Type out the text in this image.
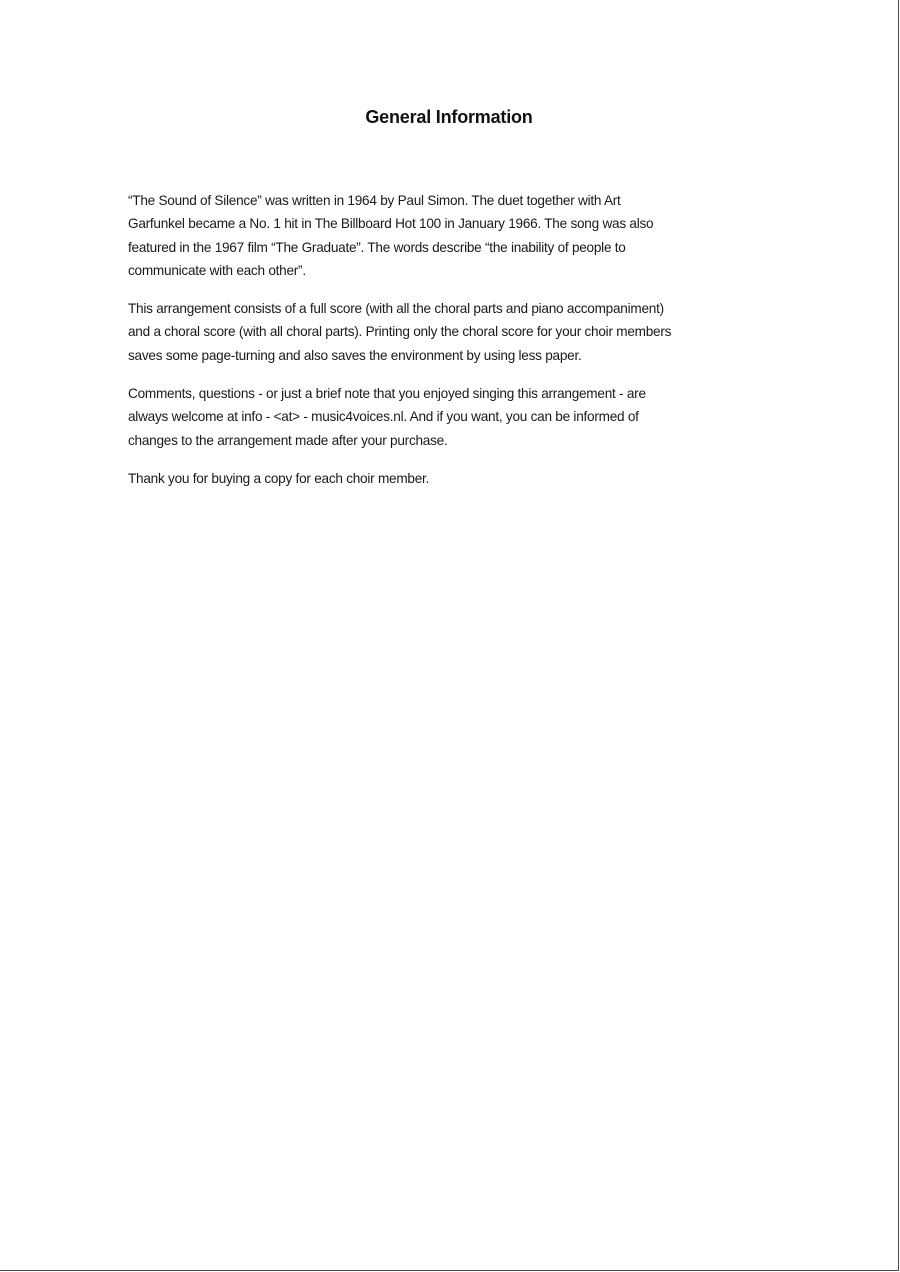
General Information

“The Sound of Silence” was written in 1964 by Paul Simon. The duet together with Art
Garfunkel became a No. 1 hit in The Billboard Hot 100 in January 1966. The song was also
featured in the 1967 film “The Graduate”. The words describe “the inability of people to
communicate with each other”.

This arrangement consists of a full score (with all the choral parts and piano accompaniment)
and a choral score (with all choral parts). Printing only the choral score for your choir members
saves some page-turning and also saves the environment by using less paper.

Comments, questions - or just a brief note that you enjoyed singing this arrangement - are
always welcome at info - <at> - music4voices.nl. And if you want, you can be informed of
changes to the arrangement made after your purchase.

Thank you for buying a copy for each choir member.
